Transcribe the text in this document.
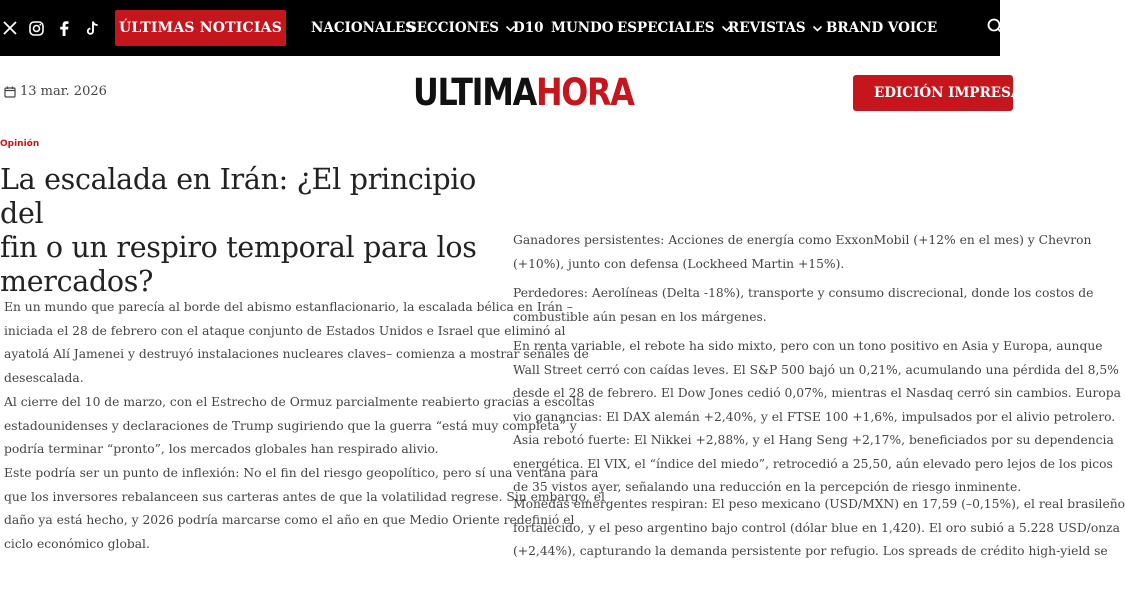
ÚLTIMAS NOTICIAS NACIONALES
SECCIONES D10 MUNDO ESPECIALES REVISTAS BRAND VOICE
13 mar. 2026	ULTIMAHORA	EDICIÓN IMPRESA
Opinión
La escalada en Irán: ¿El principio del
fin o un respiro temporal para los
mercados?

En un mundo que parecía al borde del abismo estanflacionario, la escalada bélica en Irán –

iniciada el 28 de febrero con el ataque conjunto de Estados Unidos e Israel que eliminó al

ayatolá Alí Jamenei y destruyó instalaciones nucleares claves– comienza a mostrar señales de

desescalada.

Al cierre del 10 de marzo, con el Estrecho de Ormuz parcialmente reabierto gracias a escoltas

estadounidenses y declaraciones de Trump sugiriendo que la guerra “está muy completa” y

podría terminar “pronto”, los mercados globales han respirado alivio.

Este podría ser un punto de inflexión: No el fin del riesgo geopolítico, pero sí una ventana para

que los inversores rebalanceen sus carteras antes de que la volatilidad regrese. Sin embargo, el

daño ya está hecho, y 2026 podría marcarse como el año en que Medio Oriente redefinió el

ciclo económico global.

Ganadores persistentes: Acciones de energía como ExxonMobil (+12% en el mes) y Chevron

(+10%), junto con defensa (Lockheed Martin +15%).

Perdedores: Aerolíneas (Delta -18%), transporte y consumo discrecional, donde los costos de

combustible aún pesan en los márgenes.

En renta variable, el rebote ha sido mixto, pero con un tono positivo en Asia y Europa, aunque

Wall Street cerró con caídas leves. El S&P 500 bajó un 0,21%, acumulando una pérdida del 8,5%

desde el 28 de febrero. El Dow Jones cedió 0,07%, mientras el Nasdaq cerró sin cambios. Europa

vio ganancias: El DAX alemán +2,40%, y el FTSE 100 +1,6%, impulsados por el alivio petrolero.

Asia rebotó fuerte: El Nikkei +2,88%, y el Hang Seng +2,17%, beneficiados por su dependencia

energética. El VIX, el “índice del miedo”, retrocedió a 25,50, aún elevado pero lejos de los picos

de 35 vistos ayer, señalando una reducción en la percepción de riesgo inminente.

Monedas emergentes respiran: El peso mexicano (USD/MXN) en 17,59 (–0,15%), el real brasileño

fortalecido, y el peso argentino bajo control (dólar blue en 1,420). El oro subió a 5.228 USD/onza

(+2,44%), capturando la demanda persistente por refugio. Los spreads de crédito high-yield se
